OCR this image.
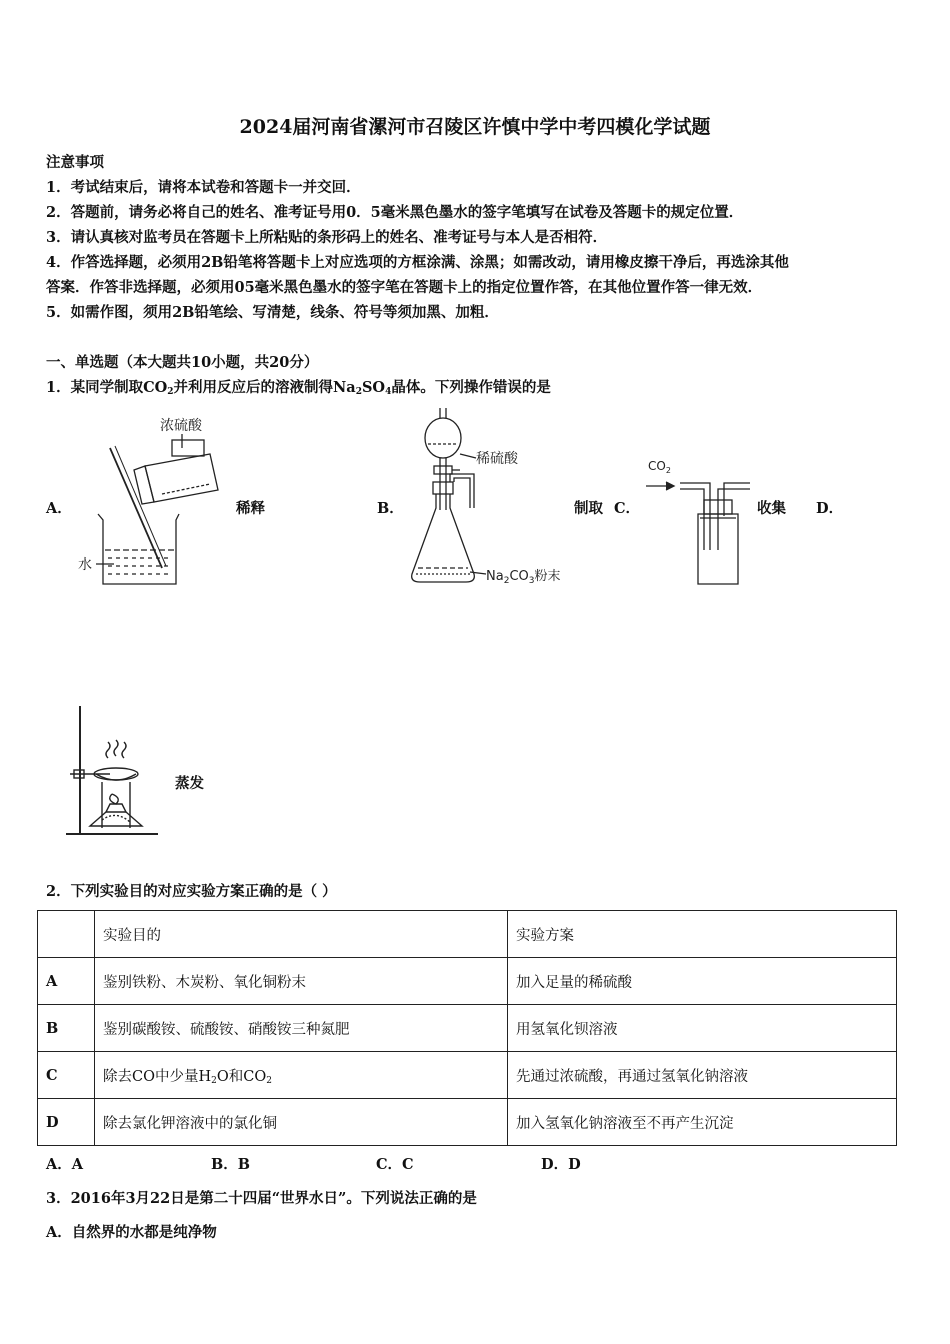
2024届河南省漯河市召陵区许慎中学中考四模化学试题
注意事项
1．考试结束后，请将本试卷和答题卡一并交回．
2．答题前，请务必将自己的姓名、准考证号用0．5毫米黑色墨水的签字笔填写在试卷及答题卡的规定位置．
3．请认真核对监考员在答题卡上所粘贴的条形码上的姓名、准考证号与本人是否相符．
4．作答选择题，必须用2B铅笔将答题卡上对应选项的方框涂满、涂黑；如需改动，请用橡皮擦干净后，再选涂其他
答案．作答非选择题，必须用05毫米黑色墨水的签字笔在答题卡上的指定位置作答，在其他位置作答一律无效．
5．如需作图，须用2B铅笔绘、写清楚，线条、符号等须加黑、加粗．
一、单选题（本大题共10小题，共20分）
1．某同学制取$CO_2$并利用反应后的溶液制得$Na_2SO_4$晶体。下列操作错误的是
A．	稀释	B．	制取 C．	收集 D．
蒸发
浓硫酸
水
稀硫酸
$Na_2CO_3$粉末
$CO_2$
2．下列实验目的对应实验方案正确的是（ ）
	实验目的	实验方案
A	鉴别铁粉、木炭粉、氧化铜粉末	加入足量的稀硫酸
B	鉴别碳酸铵、硫酸铵、硝酸铵三种氮肥	用氢氧化钡溶液
C	除去CO中少量$H_2O$和$CO_2$	先通过浓硫酸，再通过氢氧化钠溶液
D	除去氯化钾溶液中的氯化铜	加入氢氧化钠溶液至不再产生沉淀
A．A	B．B	C．C	D．D
3．2016年3月22日是第二十四届“世界水日”。下列说法正确的是
A．自然界的水都是纯净物
